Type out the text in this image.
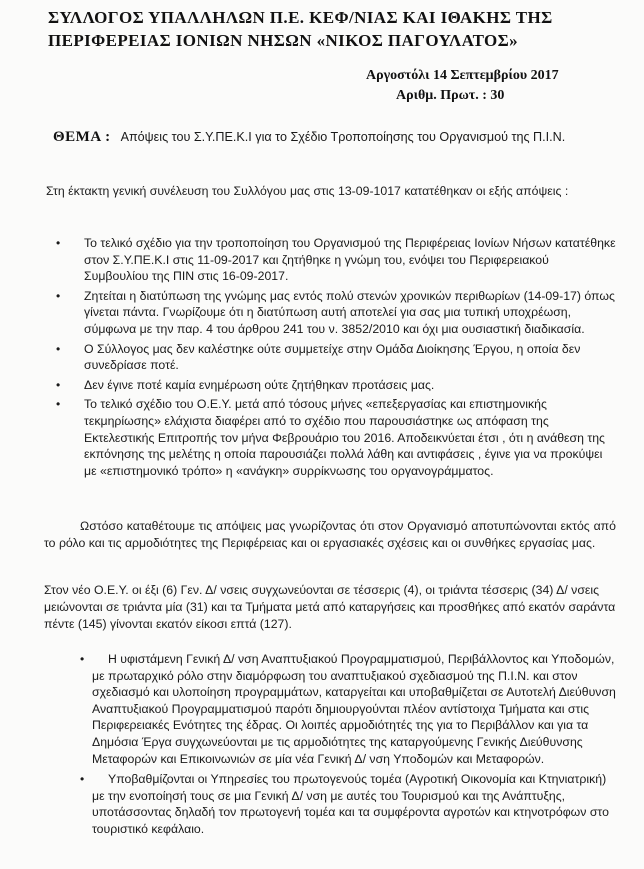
ΣΥΛΛΟΓΟΣ ΥΠΑΛΛΗΛΩΝ Π.Ε. ΚΕΦ/ΝΙΑΣ ΚΑΙ ΙΘΑΚΗΣ ΤΗΣ
ΠΕΡΙΦΕΡΕΙΑΣ ΙΟΝΙΩΝ ΝΗΣΩΝ «ΝΙΚΟΣ ΠΑΓΟΥΛΑΤΟΣ»
Αργοστόλι 14 Σεπτεμβρίου 2017
Αριθμ. Πρωτ. : 30
ΘΕΜΑ : Απόψεις του Σ.Υ.ΠΕ.Κ.Ι για το Σχέδιο Τροποποίησης του Οργανισμού της Π.Ι.Ν.
Στη έκτακτη γενική συνέλευση του Συλλόγου μας στις 13-09-1017 κατατέθηκαν οι εξής απόψεις :
• Το τελικό σχέδιο για την τροποποίηση του Οργανισμού της Περιφέρειας Ιονίων Νήσων κατατέθηκε στον Σ.Υ.ΠΕ.Κ.Ι στις 11-09-2017 και ζητήθηκε η γνώμη του, ενόψει του Περιφερειακού Συμβουλίου της ΠΙΝ στις 16-09-2017.
• Ζητείται η διατύπωση της γνώμης μας εντός πολύ στενών χρονικών περιθωρίων (14-09-17) όπως γίνεται πάντα. Γνωρίζουμε ότι η διατύπωση αυτή αποτελεί για σας μια τυπική υποχρέωση, σύμφωνα με την παρ. 4 του άρθρου 241 του ν. 3852/2010 και όχι μια ουσιαστική διαδικασία.
• Ο Σύλλογος μας δεν καλέστηκε ούτε συμμετείχε στην Ομάδα Διοίκησης Έργου, η οποία δεν συνεδρίασε ποτέ.
• Δεν έγινε ποτέ καμία ενημέρωση ούτε ζητήθηκαν προτάσεις μας.
• Το τελικό σχέδιο του Ο.Ε.Υ. μετά από τόσους μήνες «επεξεργασίας και επιστημονικής τεκμηρίωσης» ελάχιστα διαφέρει από το σχέδιο που παρουσιάστηκε ως απόφαση της Εκτελεστικής Επιτροπής τον μήνα Φεβρουάριο του 2016. Αποδεικνύεται έτσι , ότι η ανάθεση της εκπόνησης της μελέτης η οποία παρουσιάζει πολλά λάθη και αντιφάσεις , έγινε για να προκύψει με «επιστημονικό τρόπο» η «ανάγκη» συρρίκνωσης του οργανογράμματος.
Ωστόσο καταθέτουμε τις απόψεις μας γνωρίζοντας ότι στον Οργανισμό αποτυπώνονται εκτός από το ρόλο και τις αρμοδιότητες της Περιφέρειας και οι εργασιακές σχέσεις και οι συνθήκες εργασίας μας.
Στον νέο Ο.Ε.Υ. οι έξι (6) Γεν. Δ/ νσεις συγχωνεύονται σε τέσσερις (4), οι τριάντα τέσσερις (34) Δ/ νσεις μειώνονται σε τριάντα μία (31) και τα Τμήματα μετά από καταργήσεις και προσθήκες από εκατόν σαράντα πέντε (145) γίνονται εκατόν είκοσι επτά (127).
• Η υφιστάμενη Γενική Δ/ νση Αναπτυξιακού Προγραμματισμού, Περιβάλλοντος και Υποδομών, με πρωταρχικό ρόλο στην διαμόρφωση του αναπτυξιακού σχεδιασμού της Π.Ι.Ν. και στον σχεδιασμό και υλοποίηση προγραμμάτων, καταργείται και υποβαθμίζεται σε Αυτοτελή Διεύθυνση Αναπτυξιακού Προγραμματισμού παρότι δημιουργούνται πλέον αντίστοιχα Τμήματα και στις Περιφερειακές Ενότητες της έδρας. Οι λοιπές αρμοδιότητές της για το Περιβάλλον και για τα Δημόσια Έργα συγχωνεύονται με τις αρμοδιότητες της καταργούμενης Γενικής Διεύθυνσης Μεταφορών και Επικοινωνιών σε μία νέα Γενική Δ/ νση Υποδομών και Μεταφορών.
• Υποβαθμίζονται οι Υπηρεσίες του πρωτογενούς τομέα (Αγροτική Οικονομία και Κτηνιατρική) με την ενοποίησή τους σε μια Γενική Δ/ νση με αυτές του Τουρισμού και της Ανάπτυξης, υποτάσσοντας δηλαδή τον πρωτογενή τομέα και τα συμφέροντα αγροτών και κτηνοτρόφων στο τουριστικό κεφάλαιο.
